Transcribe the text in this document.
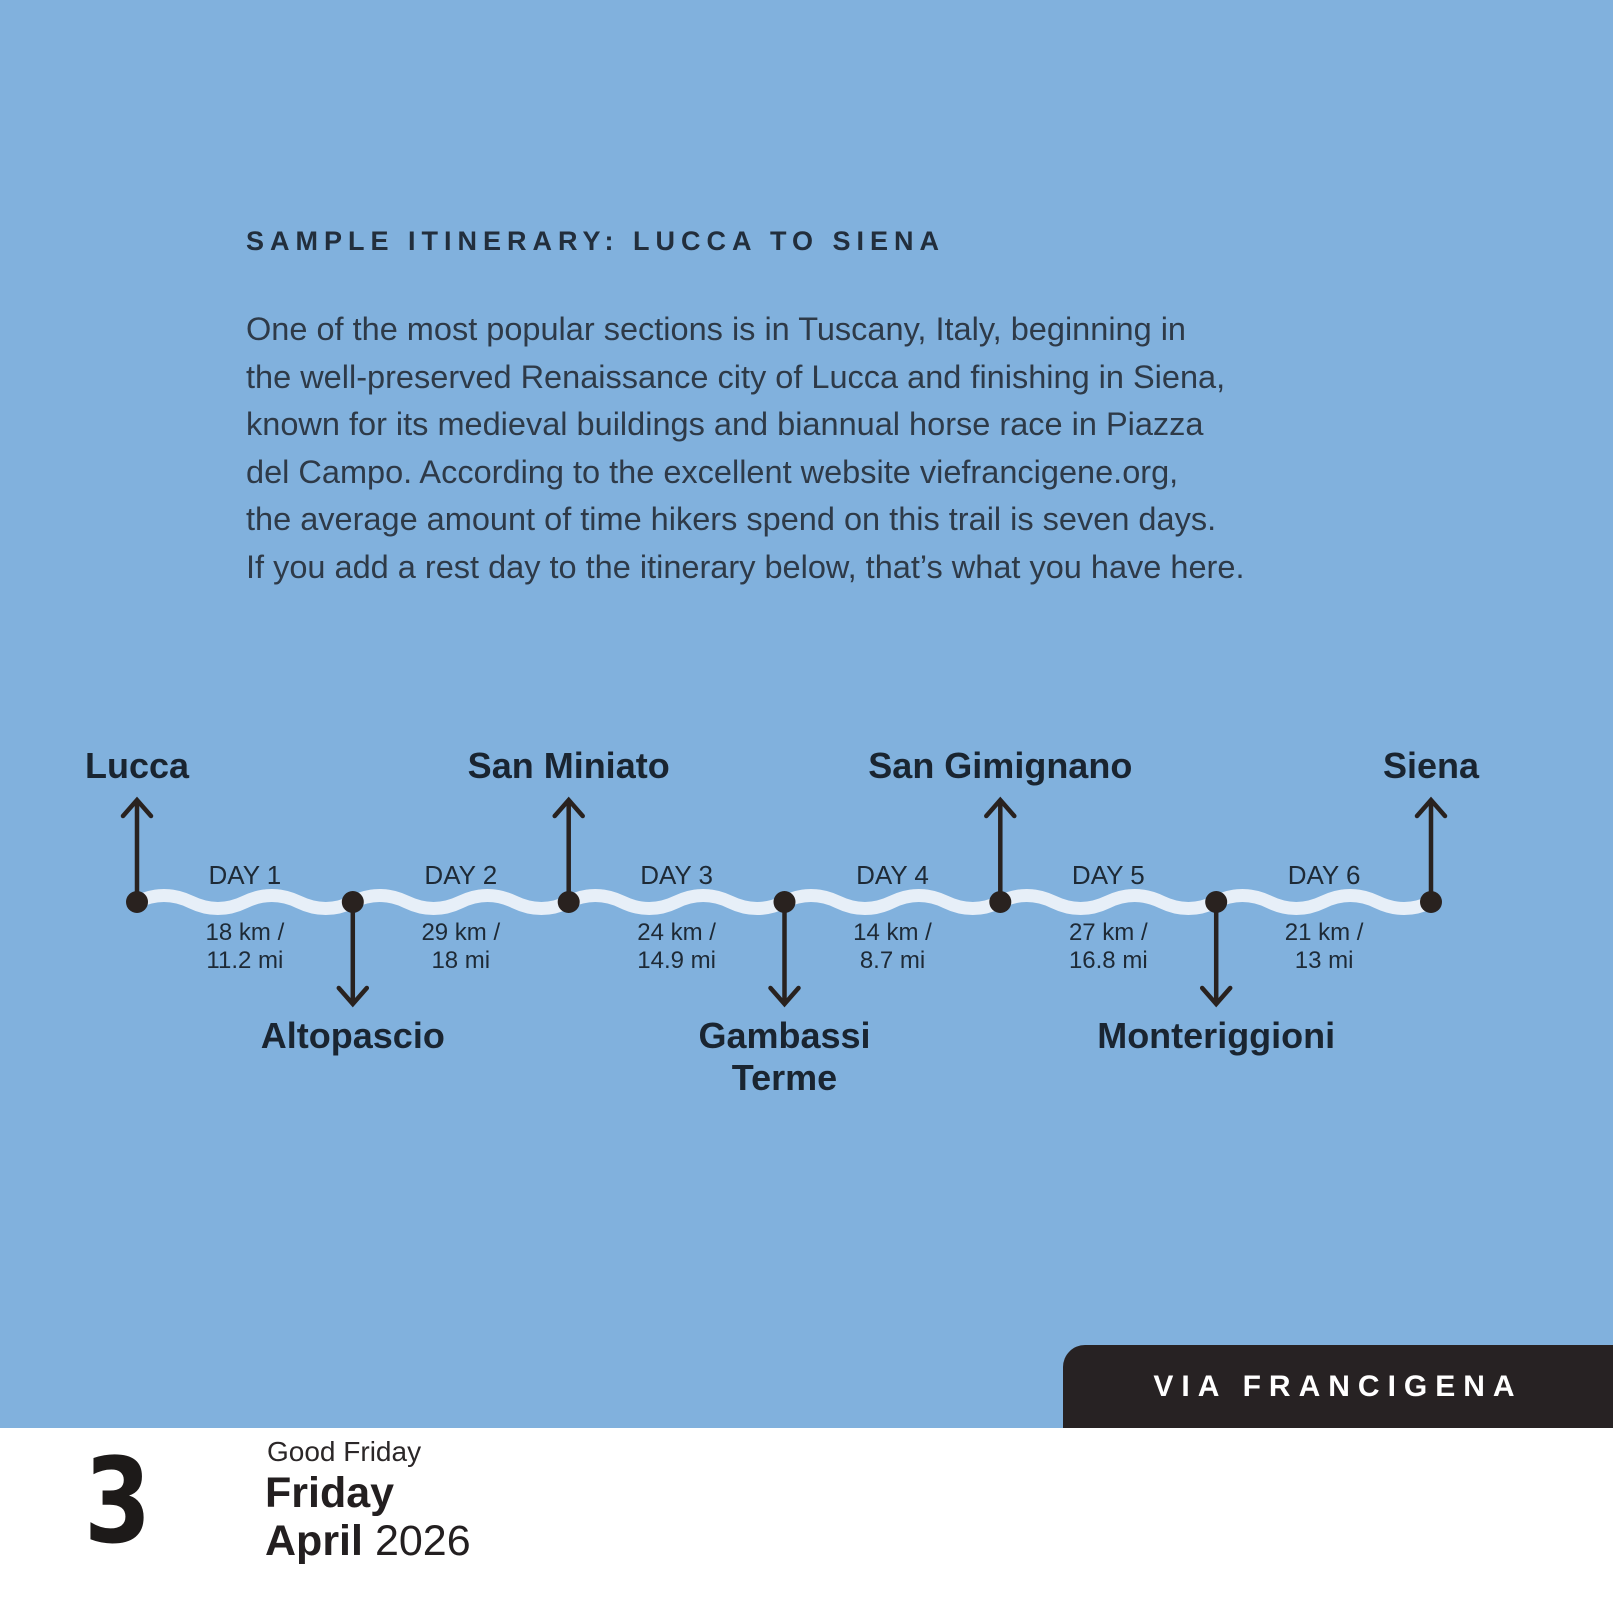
SAMPLE ITINERARY: LUCCA TO SIENA
One of the most popular sections is in Tuscany, Italy, beginning in
the well-preserved Renaissance city of Lucca and finishing in Siena,
known for its medieval buildings and biannual horse race in Piazza
del Campo. According to the excellent website viefrancigene.org,
the average amount of time hikers spend on this trail is seven days.
If you add a rest day to the itinerary below, that’s what you have here.
Lucca
Altopascio
San Miniato
Gambassi Terme
San Gimignano
Monteriggioni
Siena
DAY 1	DAY 2	DAY 3	DAY 4	DAY 5	DAY 6
18 km /
11.2 mi
29 km /
18 mi
24 km /
14.9 mi
14 km /
8.7 mi
27 km /
16.8 mi
21 km /
13 mi
VIA FRANCIGENA
3	Good Friday
Friday
April 2026
